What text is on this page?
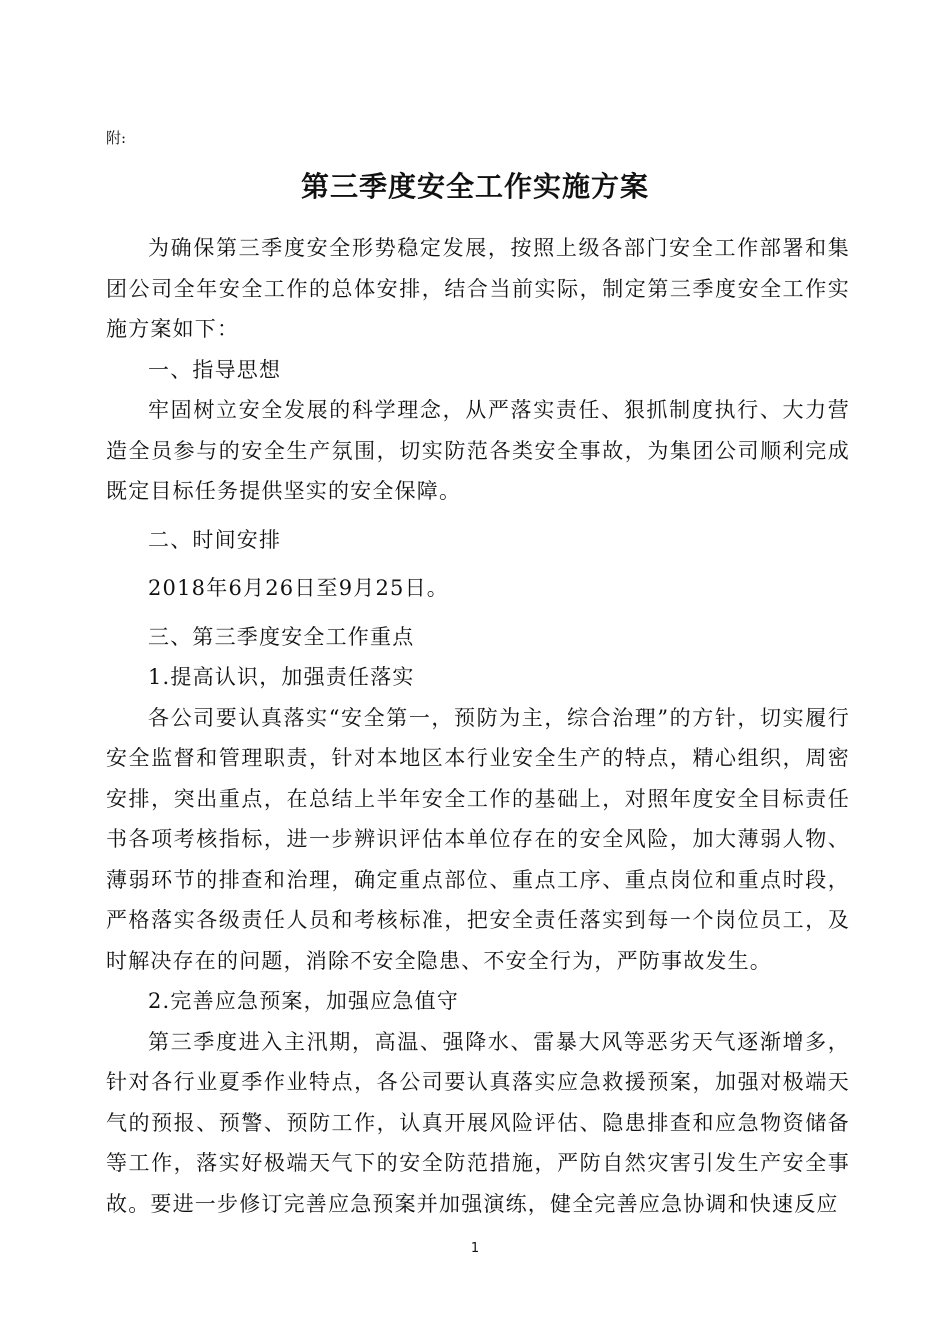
附:

第三季度安全工作实施方案

为确保第三季度安全形势稳定发展，按照上级各部门安全工作部署和集团公司全年安全工作的总体安排，结合当前实际，制定第三季度安全工作实施方案如下：

一、指导思想

牢固树立安全发展的科学理念，从严落实责任、狠抓制度执行、大力营造全员参与的安全生产氛围，切实防范各类安全事故，为集团公司顺利完成既定目标任务提供坚实的安全保障。

二、时间安排

2018年6月26日至9月25日。

三、第三季度安全工作重点

1.提高认识，加强责任落实

各公司要认真落实“安全第一，预防为主，综合治理”的方针，切实履行安全监督和管理职责，针对本地区本行业安全生产的特点，精心组织，周密安排，突出重点，在总结上半年安全工作的基础上，对照年度安全目标责任书各项考核指标，进一步辨识评估本单位存在的安全风险，加大薄弱人物、薄弱环节的排查和治理，确定重点部位、重点工序、重点岗位和重点时段，严格落实各级责任人员和考核标准，把安全责任落实到每一个岗位员工，及时解决存在的问题，消除不安全隐患、不安全行为，严防事故发生。

2.完善应急预案，加强应急值守

第三季度进入主汛期，高温、强降水、雷暴大风等恶劣天气逐渐增多，针对各行业夏季作业特点，各公司要认真落实应急救援预案，加强对极端天气的预报、预警、预防工作，认真开展风险评估、隐患排查和应急物资储备等工作，落实好极端天气下的安全防范措施，严防自然灾害引发生产安全事故。要进一步修订完善应急预案并加强演练，健全完善应急协调和快速反应

1
